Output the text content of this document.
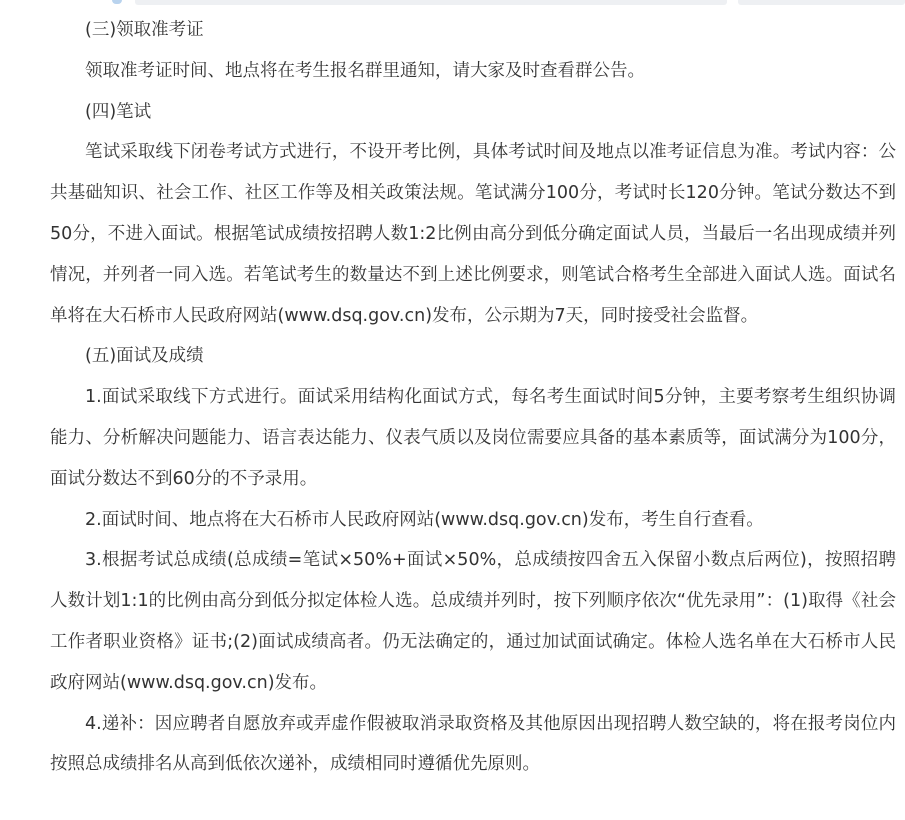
(三)领取准考证

领取准考证时间、地点将在考生报名群里通知，请大家及时查看群公告。

(四)笔试

笔试采取线下闭卷考试方式进行，不设开考比例，具体考试时间及地点以准考证信息为准。考试内容：公共基础知识、社会工作、社区工作等及相关政策法规。笔试满分100分，考试时长120分钟。笔试分数达不到50分，不进入面试。根据笔试成绩按招聘人数1:2比例由高分到低分确定面试人员，当最后一名出现成绩并列情况，并列者一同入选。若笔试考生的数量达不到上述比例要求，则笔试合格考生全部进入面试人选。面试名单将在大石桥市人民政府网站(www.dsq.gov.cn)发布，公示期为7天，同时接受社会监督。

(五)面试及成绩

1.面试采取线下方式进行。面试采用结构化面试方式，每名考生面试时间5分钟，主要考察考生组织协调能力、分析解决问题能力、语言表达能力、仪表气质以及岗位需要应具备的基本素质等，面试满分为100分，面试分数达不到60分的不予录用。

2.面试时间、地点将在大石桥市人民政府网站(www.dsq.gov.cn)发布，考生自行查看。

3.根据考试总成绩(总成绩=笔试×50%+面试×50%，总成绩按四舍五入保留小数点后两位)，按照招聘人数计划1:1的比例由高分到低分拟定体检人选。总成绩并列时，按下列顺序依次“优先录用”：(1)取得《社会工作者职业资格》证书;(2)面试成绩高者。仍无法确定的，通过加试面试确定。体检人选名单在大石桥市人民政府网站(www.dsq.gov.cn)发布。

4.递补：因应聘者自愿放弃或弄虚作假被取消录取资格及其他原因出现招聘人数空缺的，将在报考岗位内按照总成绩排名从高到低依次递补，成绩相同时遵循优先原则。
